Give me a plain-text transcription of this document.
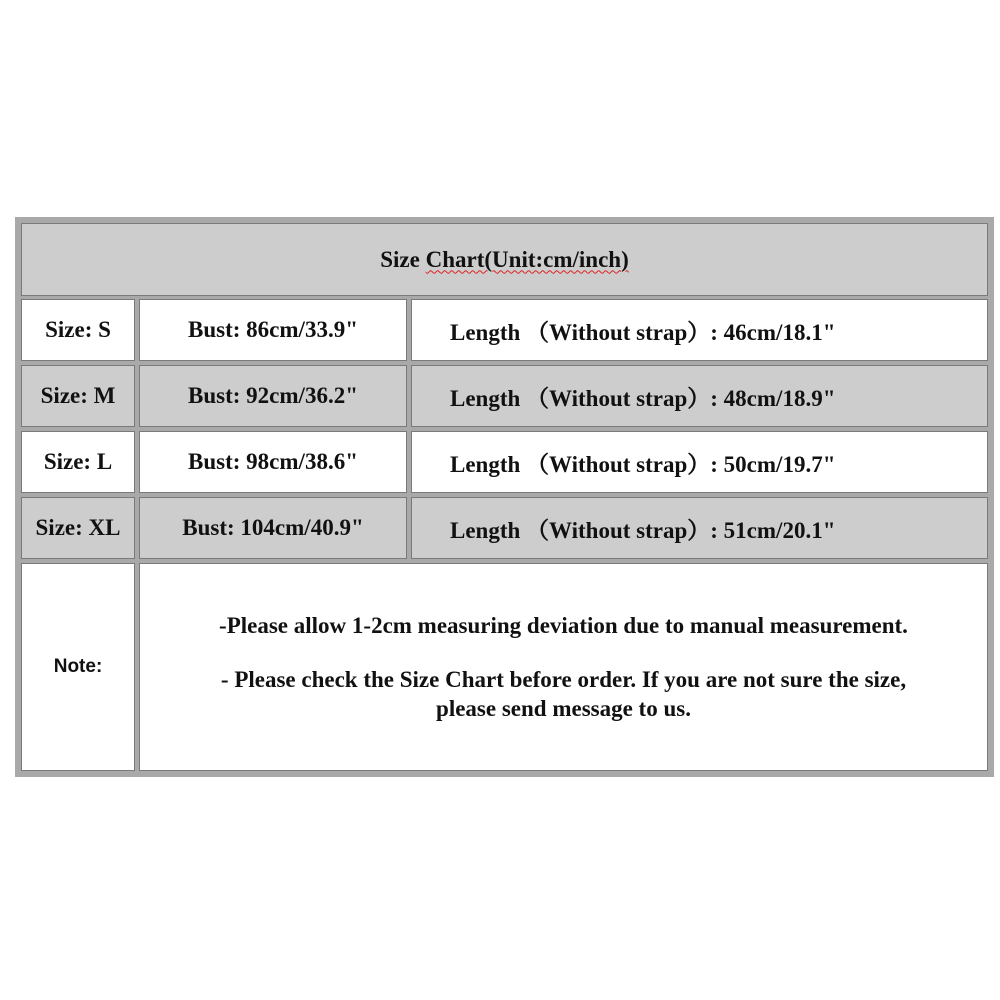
Size Chart(Unit:cm/inch)
Size: S	Bust: 86cm/33.9"	Length （Without strap）: 46cm/18.1"
Size: M	Bust: 92cm/36.2"	Length （Without strap）: 48cm/18.9"
Size: L	Bust: 98cm/38.6"	Length （Without strap）: 50cm/19.7"
Size: XL	Bust: 104cm/40.9"	Length （Without strap）: 51cm/20.1"
Note:
-Please allow 1-2cm measuring deviation due to manual measurement.
- Please check the Size Chart before order. If you are not sure the size,
please send message to us.
